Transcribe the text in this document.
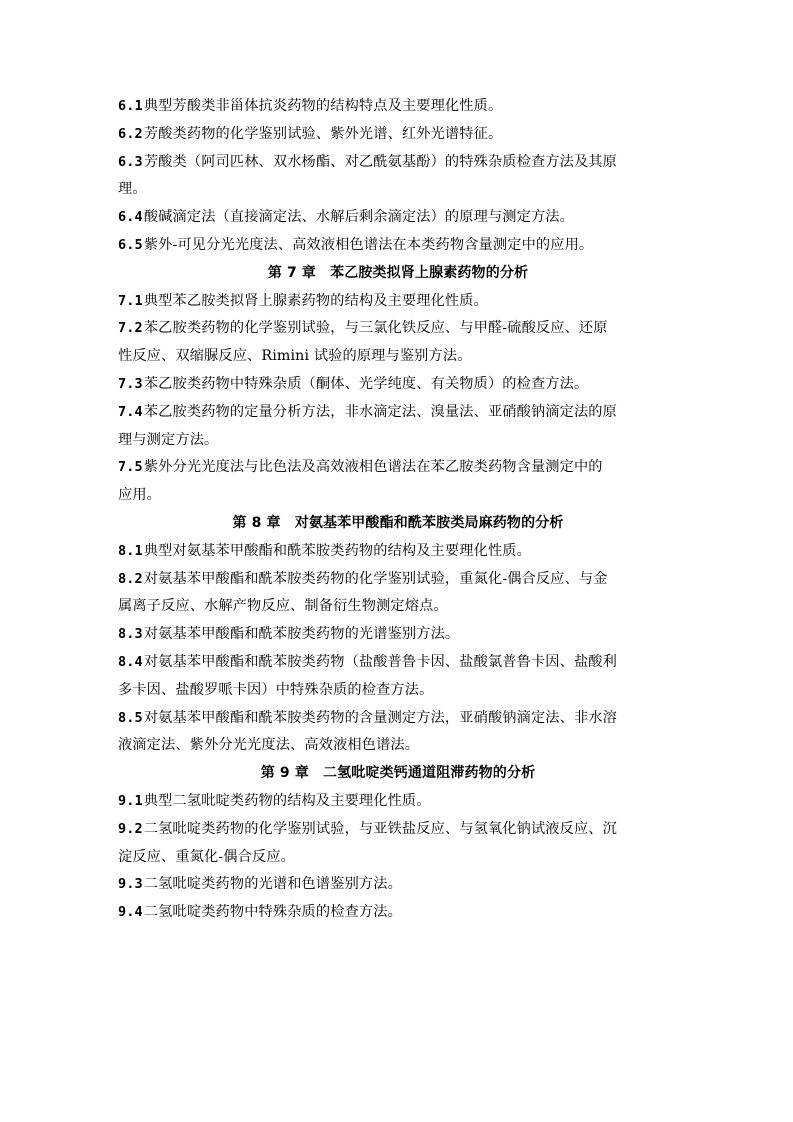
6.1典型芳酸类非甾体抗炎药物的结构特点及主要理化性质。
6.2芳酸类药物的化学鉴别试验、紫外光谱、红外光谱特征。
6.3芳酸类（阿司匹林、双水杨酯、对乙酰氨基酚）的特殊杂质检查方法及其原
理。
6.4酸碱滴定法（直接滴定法、水解后剩余滴定法）的原理与测定方法。
6.5紫外-可见分光光度法、高效液相色谱法在本类药物含量测定中的应用。
第 7 章 苯乙胺类拟肾上腺素药物的分析
7.1典型苯乙胺类拟肾上腺素药物的结构及主要理化性质。
7.2苯乙胺类药物的化学鉴别试验，与三氯化铁反应、与甲醛-硫酸反应、还原
性反应、双缩脲反应、Rimini 试验的原理与鉴别方法。
7.3苯乙胺类药物中特殊杂质（酮体、光学纯度、有关物质）的检查方法。
7.4苯乙胺类药物的定量分析方法，非水滴定法、溴量法、亚硝酸钠滴定法的原
理与测定方法。
7.5紫外分光光度法与比色法及高效液相色谱法在苯乙胺类药物含量测定中的
应用。
第 8 章 对氨基苯甲酸酯和酰苯胺类局麻药物的分析
8.1典型对氨基苯甲酸酯和酰苯胺类药物的结构及主要理化性质。
8.2对氨基苯甲酸酯和酰苯胺类药物的化学鉴别试验，重氮化-偶合反应、与金
属离子反应、水解产物反应、制备衍生物测定熔点。
8.3对氨基苯甲酸酯和酰苯胺类药物的光谱鉴别方法。
8.4对氨基苯甲酸酯和酰苯胺类药物（盐酸普鲁卡因、盐酸氯普鲁卡因、盐酸利
多卡因、盐酸罗哌卡因）中特殊杂质的检查方法。
8.5对氨基苯甲酸酯和酰苯胺类药物的含量测定方法，亚硝酸钠滴定法、非水溶
液滴定法、紫外分光光度法、高效液相色谱法。
第 9 章 二氢吡啶类钙通道阻滞药物的分析
9.1典型二氢吡啶类药物的结构及主要理化性质。
9.2二氢吡啶类药物的化学鉴别试验，与亚铁盐反应、与氢氧化钠试液反应、沉
淀反应、重氮化-偶合反应。
9.3二氢吡啶类药物的光谱和色谱鉴别方法。
9.4二氢吡啶类药物中特殊杂质的检查方法。
